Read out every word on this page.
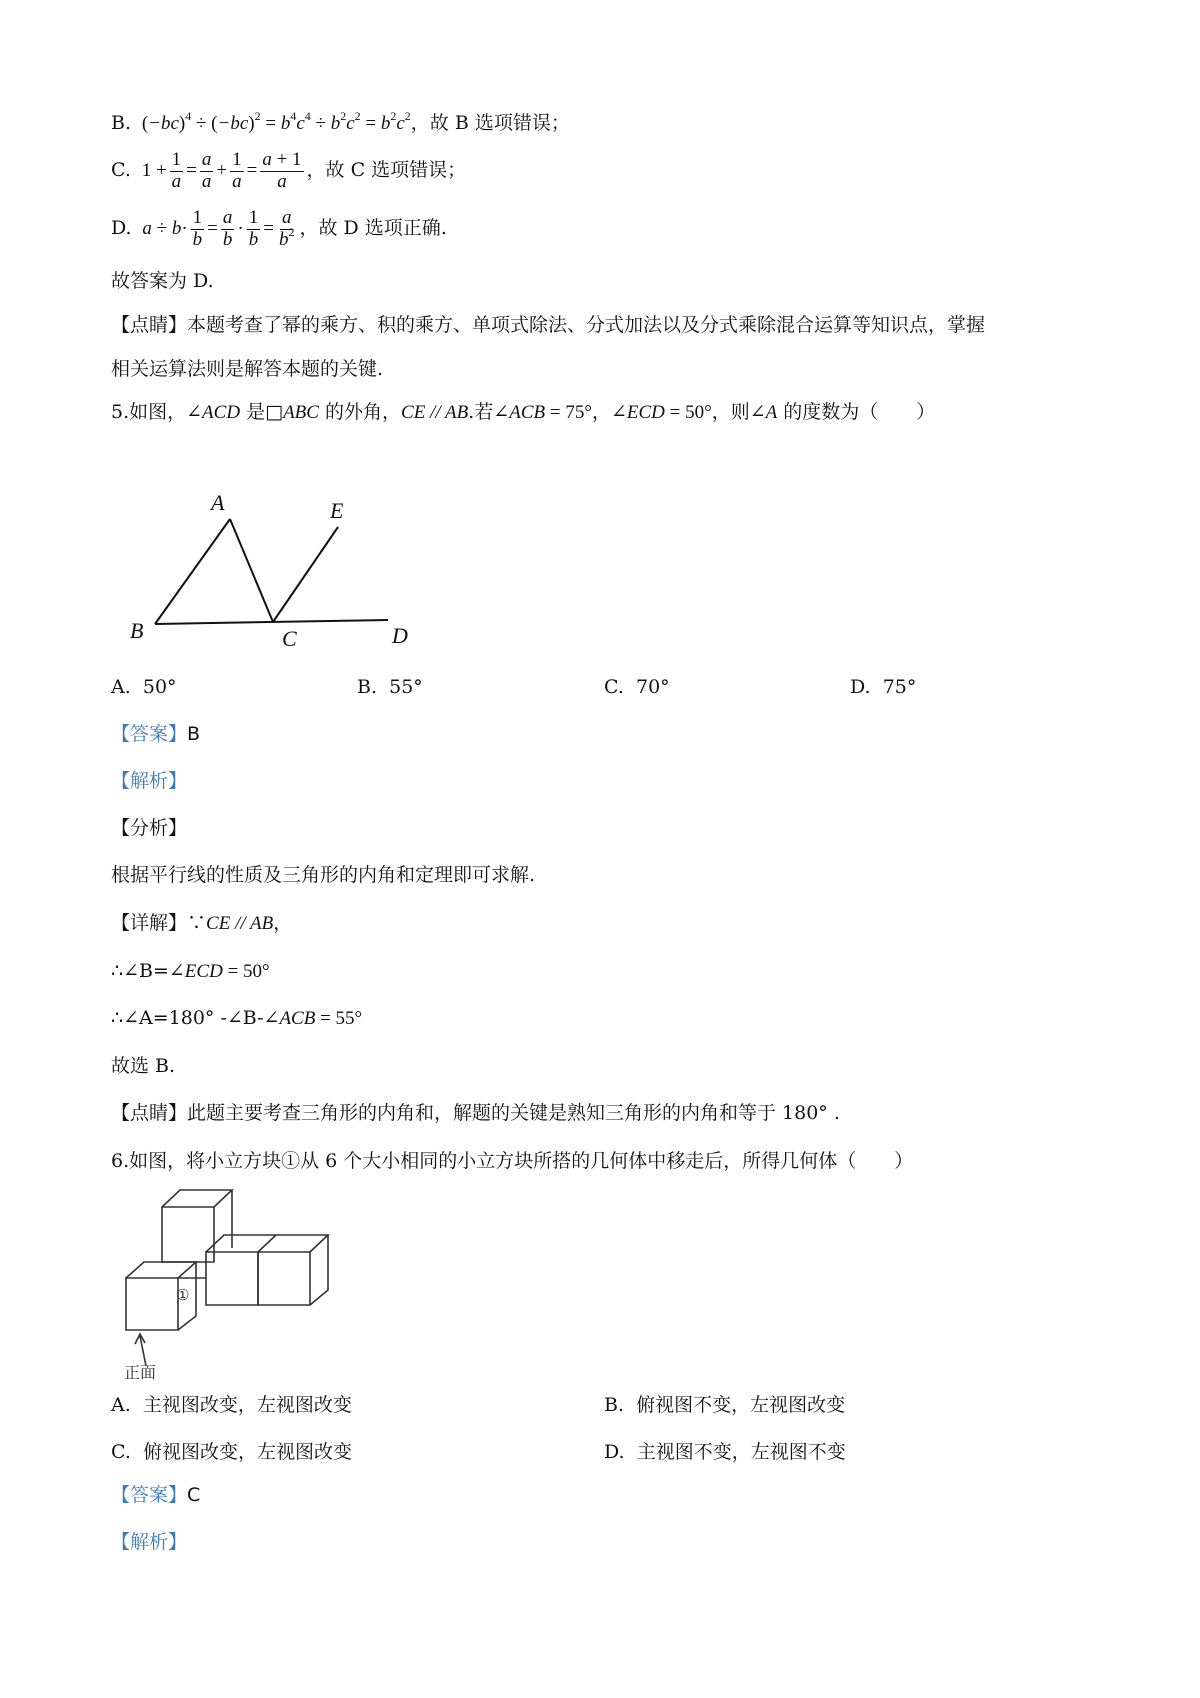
B. $(-bc)^4 \div (-bc)^2 = b^4c^4 \div b^2c^2 = b^2c^2$，故 B 选项错误；
C. $1 + \frac{1}{a} = \frac{a}{a} + \frac{1}{a} = \frac{a + 1}{a}$ ，故 C 选项错误；
D.  $a \div b\cdot \frac{1}{b} = \frac{a}{b} \cdot \frac{1}{b} = \frac{a}{b^2}$ ，故 D 选项正确.
故答案为 D.
【点睛】本题考查了幂的乘方、积的乘方、单项式除法、分式加法以及分式乘除混合运算等知识点，掌握
相关运算法则是解答本题的关键.
5.如图，∠ACD 是□ABC 的外角，CE // AB.若∠ACB = 75°，∠ECD = 50°，则∠A 的度数为（　　）
A
B	C	D
E
A. 50°	B. 55°	C. 70°	D. 75°
【答案】B
【解析】
【分析】
根据平行线的性质及三角形的内角和定理即可求解.
【详解】∵CE // AB，
∴∠B=∠ECD = 50°
∴∠A=180° -∠B-∠ACB = 55°
故选 B.
【点睛】此题主要考查三角形的内角和，解题的关键是熟知三角形的内角和等于 180° .
6.如图，将小立方块①从 6 个大小相同的小立方块所搭的几何体中移走后，所得几何体（　　）
①
正面
A. 主视图改变，左视图改变	B. 俯视图不变，左视图改变
C. 俯视图改变，左视图改变	D. 主视图不变，左视图不变
【答案】C
【解析】
